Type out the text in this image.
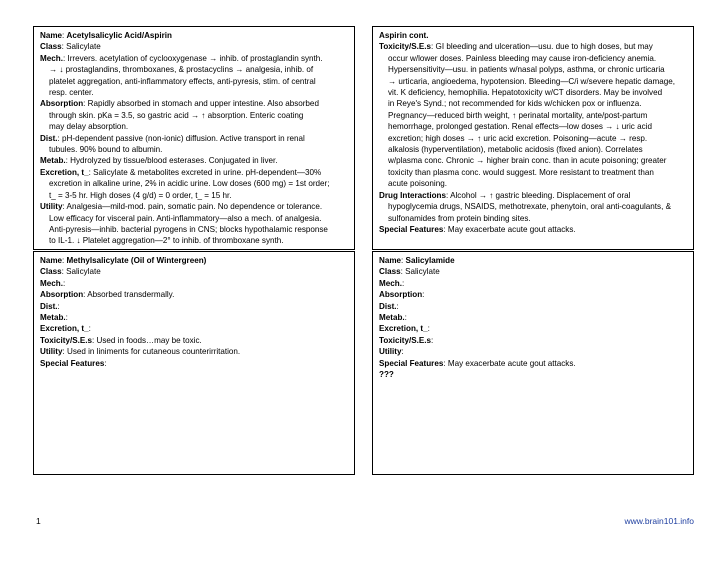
Name: Acetylsalicylic Acid/Aspirin
Class: Salicylate
Mech.: Irrevers. acetylation of cyclooxygenase → inhib. of prostaglandin synth.
→ ↓ prostaglandins, thromboxanes, & prostacyclins → analgesia, inhib. of
platelet aggregation, anti-inflammatory effects, anti-pyresis, stim. of central
resp. center.
Absorption: Rapidly absorbed in stomach and upper intestine. Also absorbed
through skin. pKa = 3.5, so gastric acid → ↑ absorption. Enteric coating
may delay absorption.
Dist.: pH-dependent passive (non-ionic) diffusion. Active transport in renal
tubules. 90% bound to albumin.
Metab.: Hydrolyzed by tissue/blood esterases. Conjugated in liver.
Excretion, t_: Salicylate & metabolites excreted in urine. pH-dependent—30%
excretion in alkaline urine, 2% in acidic urine. Low doses (600 mg) = 1st order;
t_ = 3-5 hr. High doses (4 g/d) = 0 order, t_ = 15 hr.
Utility: Analgesia—mild-mod. pain, somatic pain. No dependence or tolerance.
Low efficacy for visceral pain. Anti-inflammatory—also a mech. of analgesia.
Anti-pyresis—inhib. bacterial pyrogens in CNS; blocks hypothalamic response
to IL-1. ↓ Platelet aggregation—2° to inhib. of thromboxane synth.
Aspirin cont.
Toxicity/S.E.s: GI bleeding and ulceration—usu. due to high doses, but may
occur w/lower doses. Painless bleeding may cause iron-deficiency anemia.
Hypersensitivity—usu. in patients w/nasal polyps, asthma, or chronic urticaria
→ urticaria, angioedema, hypotension. Bleeding—C/i w/severe hepatic damage,
vit. K deficiency, hemophilia. Hepatotoxicity w/CT disorders. May be involved
in Reye's Synd.; not recommended for kids w/chicken pox or influenza.
Pregnancy—reduced birth weight, ↑ perinatal mortality, ante/post-partum
hemorrhage, prolonged gestation. Renal effects—low doses → ↓ uric acid
excretion; high doses → ↑ uric acid excretion. Poisoning—acute → resp.
alkalosis (hyperventilation), metabolic acidosis (fixed anion). Correlates
w/plasma conc. Chronic → higher brain conc. than in acute poisoning; greater
toxicity than plasma conc. would suggest. More resistant to treatment than
acute poisoning.
Drug Interactions: Alcohol → ↑ gastric bleeding. Displacement of oral
hypoglycemia drugs, NSAIDS, methotrexate, phenytoin, oral anti-coagulants, &
sulfonamides from protein binding sites.
Special Features: May exacerbate acute gout attacks.
Name: Methylsalicylate (Oil of Wintergreen)
Class: Salicylate
Mech.:
Absorption: Absorbed transdermally.
Dist.:
Metab.:
Excretion, t_:
Toxicity/S.E.s: Used in foods…may be toxic.
Utility: Used in liniments for cutaneous counterirritation.
Special Features:
Name: Salicylamide
Class: Salicylate
Mech.:
Absorption:
Dist.:
Metab.:
Excretion, t_:
Toxicity/S.E.s:
Utility:
Special Features: May exacerbate acute gout attacks.
???
1	www.brain101.info
